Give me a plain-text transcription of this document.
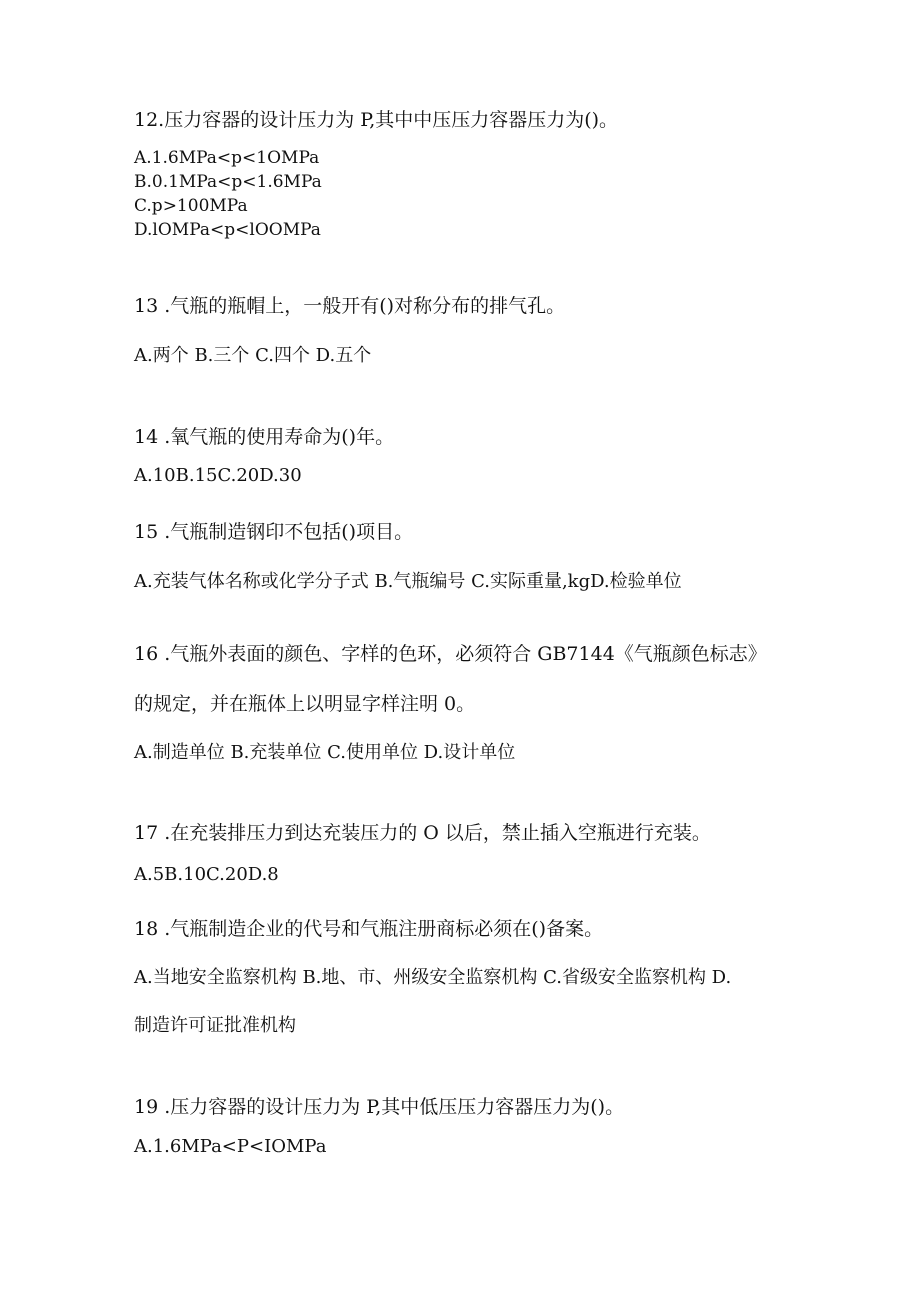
12.压力容器的设计压力为 P,其中中压压力容器压力为()。
A.1.6MPa<p<1OMPa
B.0.1MPa<p<1.6MPa
C.p>100MPa
D.lOMPa<p<lOOMPa
13 .气瓶的瓶帽上，一般开有()对称分布的排气孔。
A.两个 B.三个 C.四个 D.五个
14 .氧气瓶的使用寿命为()年。
A.10B.15C.20D.30
15 .气瓶制造钢印不包括()项目。
A.充装气体名称或化学分子式 B.气瓶编号 C.实际重量,kgD.检验单位
16 .气瓶外表面的颜色、字样的色环，必须符合 GB7144《气瓶颜色标志》
的规定，并在瓶体上以明显字样注明 0。
A.制造单位 B.充装单位 C.使用单位 D.设计单位
17 .在充装排压力到达充装压力的 O 以后，禁止插入空瓶进行充装。
A.5B.10C.20D.8
18 .气瓶制造企业的代号和气瓶注册商标必须在()备案。
A.当地安全监察机构 B.地、市、州级安全监察机构 C.省级安全监察机构 D.
制造许可证批准机构
19 .压力容器的设计压力为 P,其中低压压力容器压力为()。
A.1.6MPa<P<IOMPa
